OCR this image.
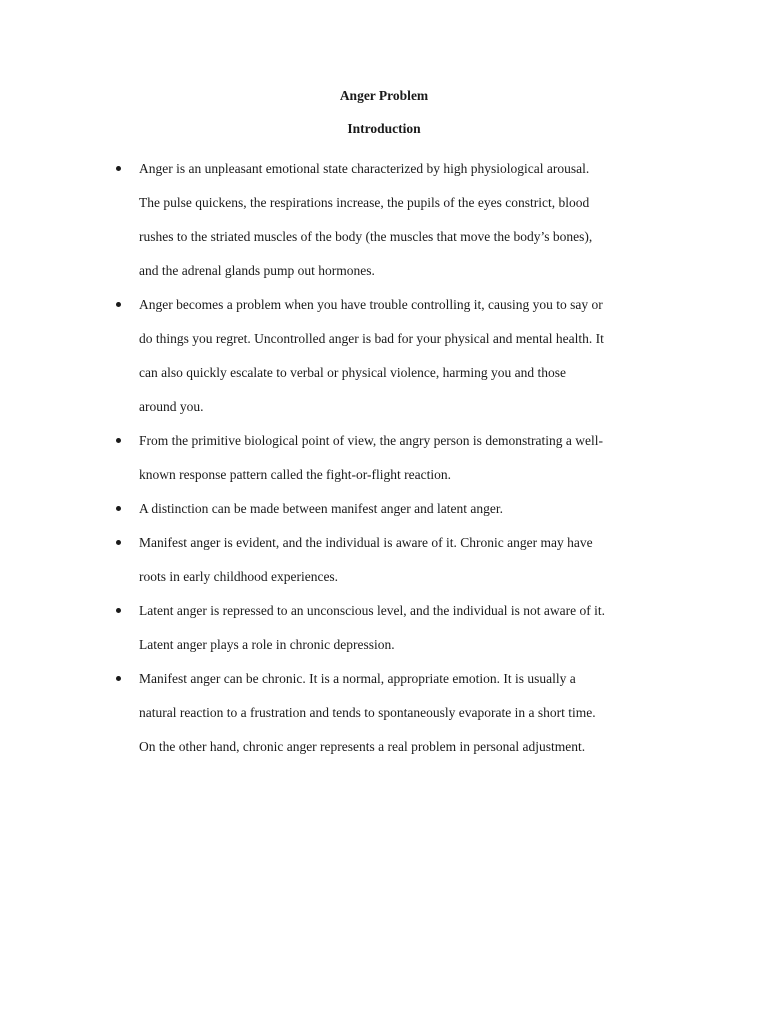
Anger Problem
Introduction
Anger is an unpleasant emotional state characterized by high physiological arousal.
The pulse quickens, the respirations increase, the pupils of the eyes constrict, blood
rushes to the striated muscles of the body (the muscles that move the body’s bones),
and the adrenal glands pump out hormones.
Anger becomes a problem when you have trouble controlling it, causing you to say or
do things you regret. Uncontrolled anger is bad for your physical and mental health. It
can also quickly escalate to verbal or physical violence, harming you and those
around you.
From the primitive biological point of view, the angry person is demonstrating a well-
known response pattern called the fight-or-flight reaction.
A distinction can be made between manifest anger and latent anger.
Manifest anger is evident, and the individual is aware of it. Chronic anger may have
roots in early childhood experiences.
Latent anger is repressed to an unconscious level, and the individual is not aware of it.
Latent anger plays a role in chronic depression.
Manifest anger can be chronic. It is a normal, appropriate emotion. It is usually a
natural reaction to a frustration and tends to spontaneously evaporate in a short time.
On the other hand, chronic anger represents a real problem in personal adjustment.
